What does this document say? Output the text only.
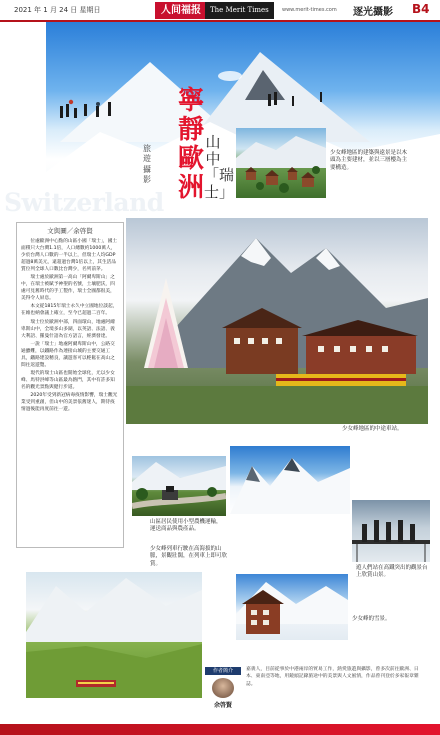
2021 年 1 月 24 日 星期日	人间福报	The Merit Times	www.merit-times.com 逐光攝影 B4
寧靜歐洲
山中「瑞士」
旅遊攝影
Switzerland
少女峰地區的建築與遠景是以木頭為主要建材，並以三層樓為主要構造。
文與圖／余啓賢

位處歐洲中心點的山區小國「瑞士」，國土面積只大台灣1.1倍，人口總數約1000萬人，少於台灣人口數的一半以上，但瑞士人均GDP超過8萬美元，遠超過台灣1倍以上，其生活品質位列全球人口數比台灣少，名列前茅。

瑞士處於歐洲第一高山「阿爾卑斯山」之中，在瑞士被賦予神聖的名號，土壤肥沃，四處可見舊時代的手工製作，瑞士全國都很美，美得令人屏息。

本文從1815年瑞士永久中立國地位談起，在維也納會議上確立，至今已超過二百年。

瑞士位於歐洲中部，四面環山，地處阿爾卑斯山中，全境多山多湖，以英語、法語、義大利語、羅曼什語為官方語言，經濟發達。

一說「瑞士」地處阿爾卑斯山中，公路交通雖難，以鐵路作為連接山城的主要交通工具，鐵路建設精良，讓遊客可以輕鬆在高山之間往返遊覽。

現代的瑞士山區也開始全球化，尤以少女峰、馬特洪峰等山區最為熱門，其中有許多知名的觀光景點與健行步道。

2020年受到新冠病毒疫情影響，瑞士觀光業受到重創，但山中的美景依舊迷人，期待疫情過後能再度前往一遊。

少女峰地區的中途車站。
山區居民使用小型農機運輸，運送商品與農產品。
少女峰列車行駛在高海拔的山脈，景觀壯闊，在列車上即可欣賞。
遊人們站在高鐵突出的觀景台上欣賞山景。
少女峰的雪景。
作者簡介
余啓賢
嘉義人，目前從事於中港兩岸的貿易工作，熱愛旅遊與攝影，曾多次前往歐洲、日本、東南亞等地，用鏡頭記錄旅途中的美景與人文風情，作品曾刊登於多家報章雜誌。
